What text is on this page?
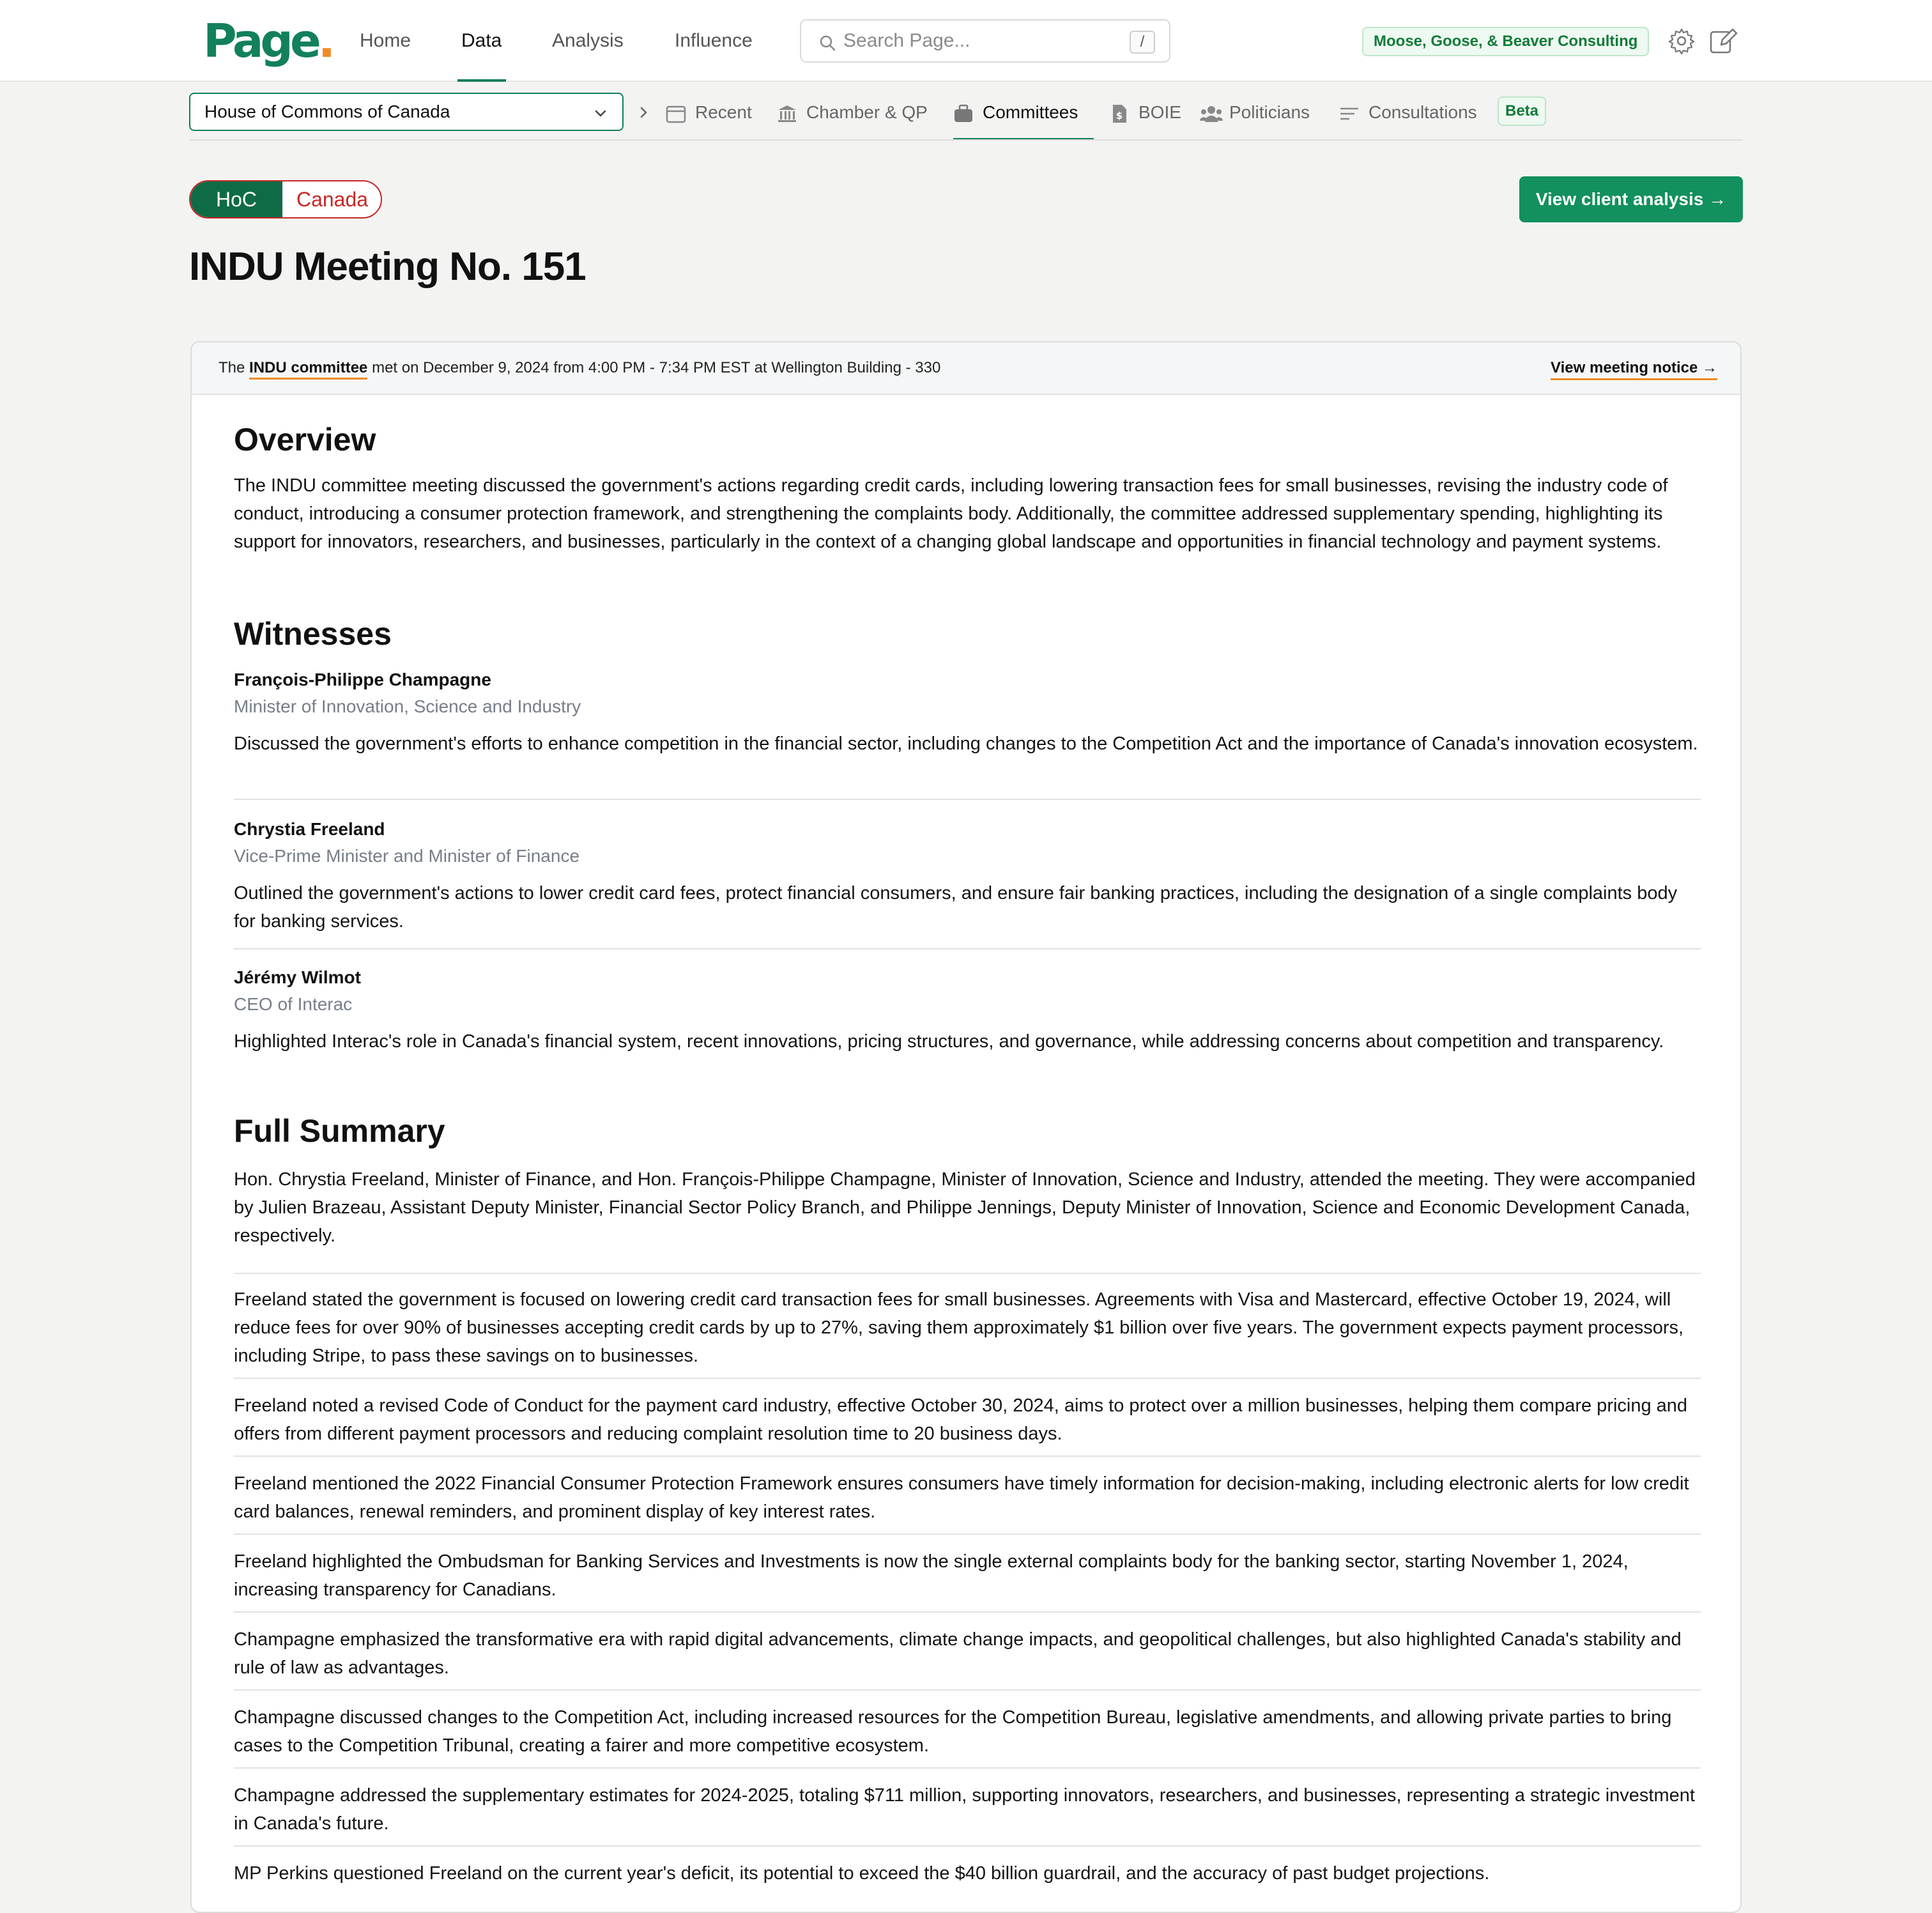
Page. Home	Data	Analysis	Influence
Search Page...	/	Moose, Goose, & Beaver Consulting
House of Commons of Canada	Recent	Chamber & QP	Committees	$ BOIE	Politicians	Consultations	Beta
HoC	Canada	View client analysis →
INDU Meeting No. 151
The INDU committee met on December 9, 2024 from 4:00 PM - 7:34 PM EST at Wellington Building - 330	View meeting notice →
Overview

The INDU committee meeting discussed the government's actions regarding credit cards, including lowering transaction fees for small businesses, revising the industry code of conduct, introducing a consumer protection framework, and strengthening the complaints body. Additionally, the committee addressed supplementary spending, highlighting its support for innovators, researchers, and businesses, particularly in the context of a changing global landscape and opportunities in financial technology and payment systems.

Witnesses
François-Philippe Champagne
Minister of Innovation, Science and Industry

Discussed the government's efforts to enhance competition in the financial sector, including changes to the Competition Act and the importance of Canada's innovation ecosystem.

Chrystia Freeland
Vice-Prime Minister and Minister of Finance

Outlined the government's actions to lower credit card fees, protect financial consumers, and ensure fair banking practices, including the designation of a single complaints body for banking services.

Jérémy Wilmot
CEO of Interac

Highlighted Interac's role in Canada's financial system, recent innovations, pricing structures, and governance, while addressing concerns about competition and transparency.

Full Summary

Hon. Chrystia Freeland, Minister of Finance, and Hon. François-Philippe Champagne, Minister of Innovation, Science and Industry, attended the meeting. They were accompanied by Julien Brazeau, Assistant Deputy Minister, Financial Sector Policy Branch, and Philippe Jennings, Deputy Minister of Innovation, Science and Economic Development Canada, respectively.

Freeland stated the government is focused on lowering credit card transaction fees for small businesses. Agreements with Visa and Mastercard, effective October 19, 2024, will reduce fees for over 90% of businesses accepting credit cards by up to 27%, saving them approximately $1 billion over five years. The government expects payment processors, including Stripe, to pass these savings on to businesses.

Freeland noted a revised Code of Conduct for the payment card industry, effective October 30, 2024, aims to protect over a million businesses, helping them compare pricing and offers from different payment processors and reducing complaint resolution time to 20 business days.

Freeland mentioned the 2022 Financial Consumer Protection Framework ensures consumers have timely information for decision-making, including electronic alerts for low credit card balances, renewal reminders, and prominent display of key interest rates.

Freeland highlighted the Ombudsman for Banking Services and Investments is now the single external complaints body for the banking sector, starting November 1, 2024, increasing transparency for Canadians.

Champagne emphasized the transformative era with rapid digital advancements, climate change impacts, and geopolitical challenges, but also highlighted Canada's stability and rule of law as advantages.

Champagne discussed changes to the Competition Act, including increased resources for the Competition Bureau, legislative amendments, and allowing private parties to bring cases to the Competition Tribunal, creating a fairer and more competitive ecosystem.

Champagne addressed the supplementary estimates for 2024-2025, totaling $711 million, supporting innovators, researchers, and businesses, representing a strategic investment in Canada's future.

MP Perkins questioned Freeland on the current year's deficit, its potential to exceed the $40 billion guardrail, and the accuracy of past budget projections.
